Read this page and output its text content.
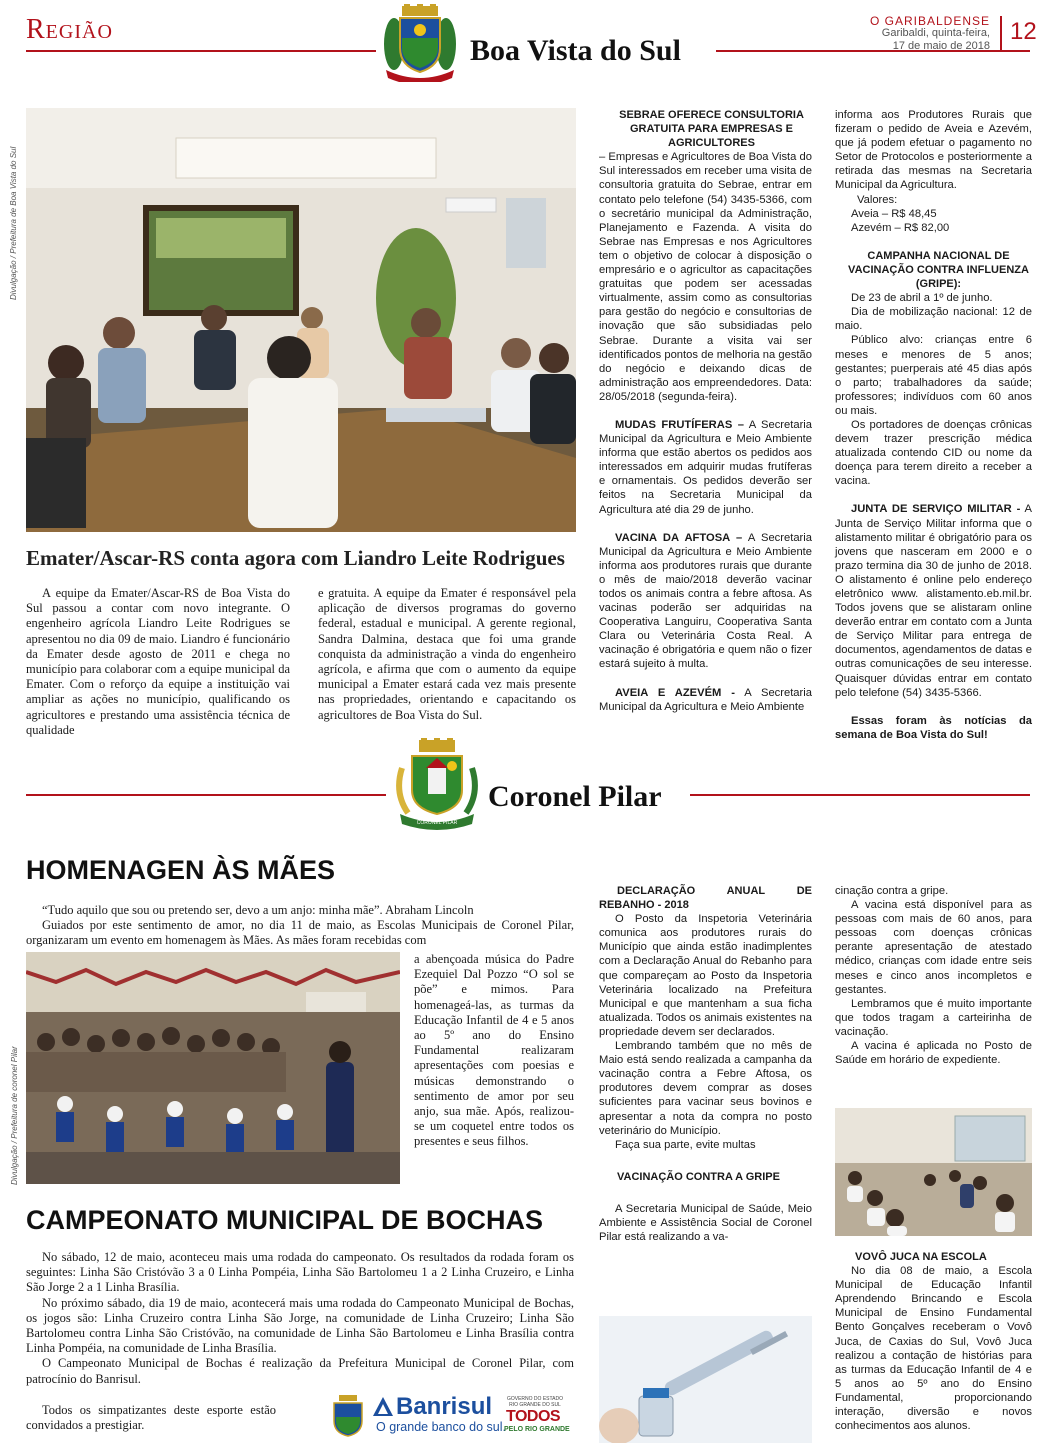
Região
Boa Vista do Sul
O GARIBALDENSE
Garibaldi, quinta-feira,
17 de maio de 2018
12
Divulgação / Prefeitura de Boa Vista do Sul
Emater/Ascar-RS conta agora com Liandro Leite Rodrigues

A equipe da Emater/Ascar-RS de Boa Vista do Sul passou a contar com novo integrante. O engenheiro agrícola Liandro Leite Rodrigues se apresentou no dia 09 de maio. Liandro é funcionário da Emater desde agosto de 2011 e chega no município para colaborar com a equipe municipal da Emater. Com o reforço da equipe a instituição vai ampliar as ações no município, qualificando os agricultores e prestando uma assistência técnica de qualidade

e gratuita. A equipe da Emater é responsável pela aplicação de diversos programas do governo federal, estadual e municipal. A gerente regional, Sandra Dalmina, destaca que foi uma grande conquista da administração a vinda do engenheiro agrícola, e afirma que com o aumento da equipe municipal a Emater estará cada vez mais presente nas propriedades, orientando e capacitando os agricultores de Boa Vista do Sul.

SEBRAE OFERECE CONSULTORIA GRATUITA PARA EMPRESAS E AGRICULTORES

– Empresas e Agricultores de Boa Vista do Sul interessados em receber uma visita de consultoria gratuita do Sebrae, entrar em contato pelo telefone (54) 3435-5366, com o secretário municipal da Administração, Planejamento e Fazenda. A visita do Sebrae nas Empresas e nos Agricultores tem o objetivo de colocar à disposição o empresário e o agricultor as capacitações gratuitas que podem ser acessadas virtualmente, assim como as consultorias para gestão do negócio e consultorias de inovação que são subsidiadas pelo Sebrae. Durante a visita vai ser identificados pontos de melhoria na gestão do negócio e deixando dicas de administração aos empreendedores. Data: 28/05/2018 (segunda-feira).

MUDAS FRUTÍFERAS – A Secretaria Municipal da Agricultura e Meio Ambiente informa que estão abertos os pedidos aos interessados em adquirir mudas frutíferas e ornamentais. Os pedidos deverão ser feitos na Secretaria Municipal da Agricultura até dia 29 de junho.

VACINA DA AFTOSA – A Secretaria Municipal da Agricultura e Meio Ambiente informa aos produtores rurais que durante o mês de maio/2018 deverão vacinar todos os animais contra a febre aftosa. As vacinas poderão ser adquiridas na Cooperativa Languiru, Cooperativa Santa Clara ou Veterinária Costa Real. A vacinação é obrigatória e quem não o fizer estará sujeito à multa.

AVEIA E AZEVÉM - A Secretaria Municipal da Agricultura e Meio Ambiente

informa aos Produtores Rurais que fizeram o pedido de Aveia e Azevém, que já podem efetuar o pagamento no Setor de Protocolos e posteriormente a retirada das mesmas na Secretaria Municipal da Agricultura.

Valores:

Aveia – R$ 48,45

Azevém – R$ 82,00

CAMPANHA NACIONAL DE VACINAÇÃO CONTRA INFLUENZA (GRIPE):

De 23 de abril a 1º de junho.

Dia de mobilização nacional: 12 de maio.

Público alvo: crianças entre 6 meses e menores de 5 anos; gestantes; puerperais até 45 dias após o parto; trabalhadores da saúde; professores; indivíduos com 60 anos ou mais.

Os portadores de doenças crônicas devem trazer prescrição médica atualizada contendo CID ou nome da doença para terem direito a receber a vacina.

JUNTA DE SERVIÇO MILITAR - A Junta de Serviço Militar informa que o alistamento militar é obrigatório para os jovens que nasceram em 2000 e o prazo termina dia 30 de junho de 2018. O alistamento é online pelo endereço eletrônico www. alistamento.eb.mil.br. Todos jovens que se alistaram online deverão entrar em contato com a Junta de Serviço Militar para entrega de documentos, agendamentos de datas e outras comunicações de seu interesse. Quaisquer dúvidas entrar em contato pelo telefone (54) 3435-5366.

Essas foram às notícias da semana de Boa Vista do Sul!

CORONEL PILAR
Coronel Pilar
HOMENAGEN ÀS MÃES

“Tudo aquilo que sou ou pretendo ser, devo a um anjo: minha mãe”. Abraham Lincoln

Guiados por este sentimento de amor, no dia 11 de maio, as Escolas Municipais de Coronel Pilar, organizaram um evento em homenagem às Mães. As mães foram recebidas com

Divulgação / Prefeitura de coronel Pilar

a abençoada música do Padre Ezequiel Dal Pozzo “O sol se põe” e mimos. Para homenageá-las, as turmas da Educação Infantil de 4 e 5 anos ao 5º ano do Ensino Fundamental realizaram apresentações com poesias e músicas demonstrando o sentimento de amor por seu anjo, sua mãe. Após, realizou-se um coquetel entre todos os presentes e seus filhos.

CAMPEONATO MUNICIPAL DE BOCHAS

No sábado, 12 de maio, aconteceu mais uma rodada do campeonato. Os resultados da rodada foram os seguintes: Linha São Cristóvão 3 a 0 Linha Pompéia, Linha São Bartolomeu 1 a 2 Linha Cruzeiro, e Linha São Jorge 2 a 1 Linha Brasília.

No próximo sábado, dia 19 de maio, acontecerá mais uma rodada do Campeonato Municipal de Bochas, os jogos são: Linha Cruzeiro contra Linha São Jorge, na comunidade de Linha Cruzeiro; Linha São Bartolomeu contra Linha São Cristóvão, na comunidade de Linha São Bartolomeu e Linha Brasília contra Linha Pompéia, na comunidade de Linha Brasília.

O Campeonato Municipal de Bochas é realização da Prefeitura Municipal de Coronel Pilar, com patrocínio do Banrisul.

Todos os simpatizantes deste esporte estão convidados a prestigiar.

Banrisul
O grande banco do sul.
GOVERNO DO ESTADO RIO GRANDE DO SUL
TODOS
PELO RIO GRANDE

DECLARAÇÃO ANUAL DE REBANHO - 2018

O Posto da Inspetoria Veterinária comunica aos produtores rurais do Município que ainda estão inadimplentes com a Declaração Anual do Rebanho para que compareçam ao Posto da Inspetoria Veterinária localizado na Prefeitura Municipal e que mantenham a sua ficha atualizada. Todos os animais existentes na propriedade devem ser declarados.

Lembrando também que no mês de Maio está sendo realizada a campanha da vacinação contra a Febre Aftosa, os produtores devem comprar as doses suficientes para vacinar seus bovinos e apresentar a nota da compra no posto veterinário do Município.

Faça sua parte, evite multas

VACINAÇÃO CONTRA A GRIPE

A Secretaria Municipal de Saúde, Meio Ambiente e Assistência Social de Coronel Pilar está realizando a va-

cinação contra a gripe.

A vacina está disponível para as pessoas com mais de 60 anos, para pessoas com doenças crônicas perante apresentação de atestado médico, crianças com idade entre seis meses e cinco anos incompletos e gestantes.

Lembramos que é muito importante que todos tragam a carteirinha de vacinação.

A vacina é aplicada no Posto de Saúde em horário de expediente.

VOVÔ JUCA NA ESCOLA

No dia 08 de maio, a Escola Municipal de Educação Infantil Aprendendo Brincando e Escola Municipal de Ensino Fundamental Bento Gonçalves receberam o Vovô Juca, de Caxias do Sul, Vovô Juca realizou a contação de histórias para as turmas da Educação Infantil de 4 e 5 anos ao 5º ano do Ensino Fundamental, proporcionando interação, diversão e novos conhecimentos aos alunos.
